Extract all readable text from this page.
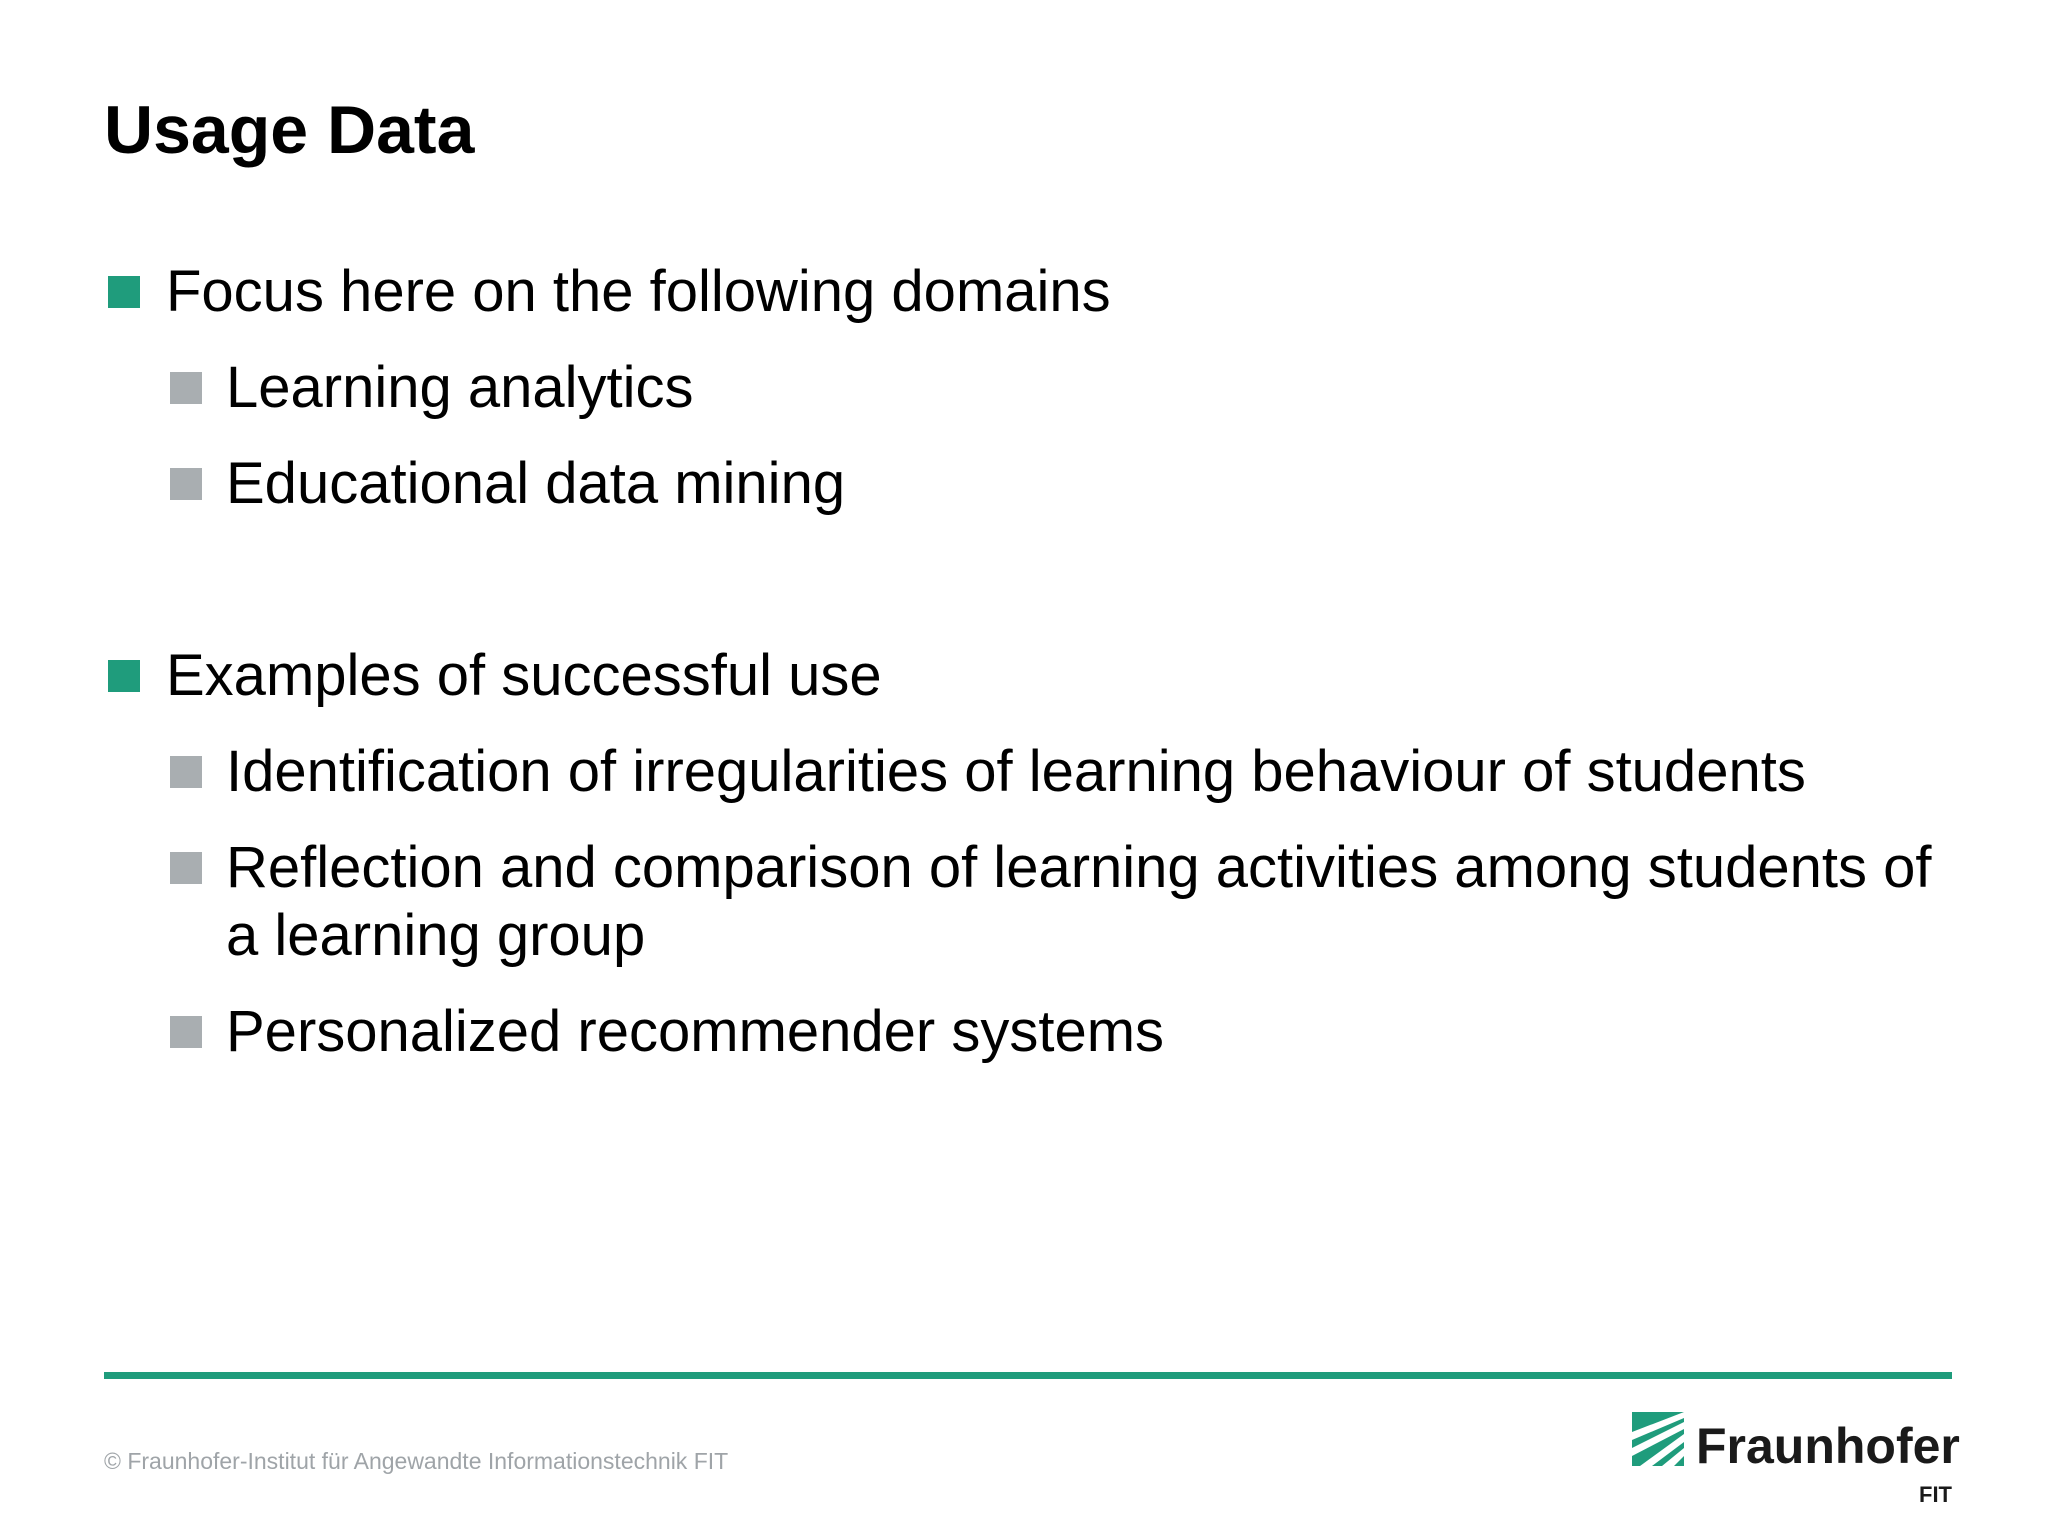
Usage Data
Focus here on the following domains
Learning analytics
Educational data mining
Examples of successful use
Identification of irregularities of learning behaviour of students
Reflection and comparison of learning activities among students of a learning group
Personalized recommender systems
© Fraunhofer-Institut für Angewandte Informationstechnik FIT	Fraunhofer
FIT
